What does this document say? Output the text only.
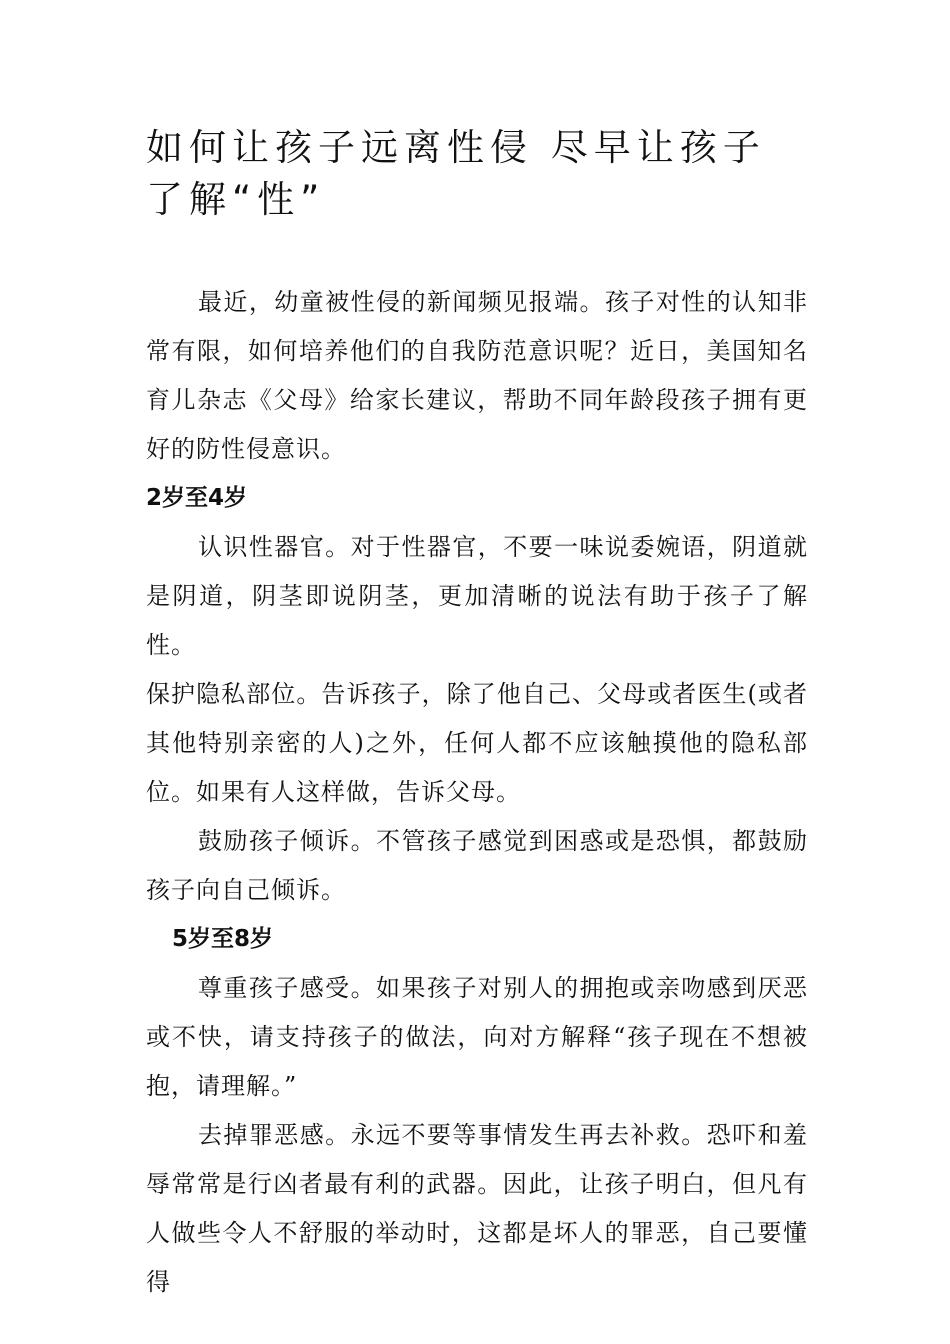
如何让孩子远离性侵 尽早让孩子了解“性”

最近，幼童被性侵的新闻频见报端。孩子对性的认知非常有限，如何培养他们的自我防范意识呢？近日，美国知名育儿杂志《父母》给家长建议，帮助不同年龄段孩子拥有更好的防性侵意识。

2岁至4岁

认识性器官。对于性器官，不要一味说委婉语，阴道就是阴道，阴茎即说阴茎，更加清晰的说法有助于孩子了解性。

保护隐私部位。告诉孩子，除了他自己、父母或者医生(或者其他特别亲密的人)之外，任何人都不应该触摸他的隐私部位。如果有人这样做，告诉父母。

鼓励孩子倾诉。不管孩子感觉到困惑或是恐惧，都鼓励孩子向自己倾诉。

5岁至8岁

尊重孩子感受。如果孩子对别人的拥抱或亲吻感到厌恶或不快，请支持孩子的做法，向对方解释“孩子现在不想被抱，请理解。”

去掉罪恶感。永远不要等事情发生再去补救。恐吓和羞辱常常是行凶者最有利的武器。因此，让孩子明白，但凡有人做些令人不舒服的举动时，这都是坏人的罪恶，自己要懂得
